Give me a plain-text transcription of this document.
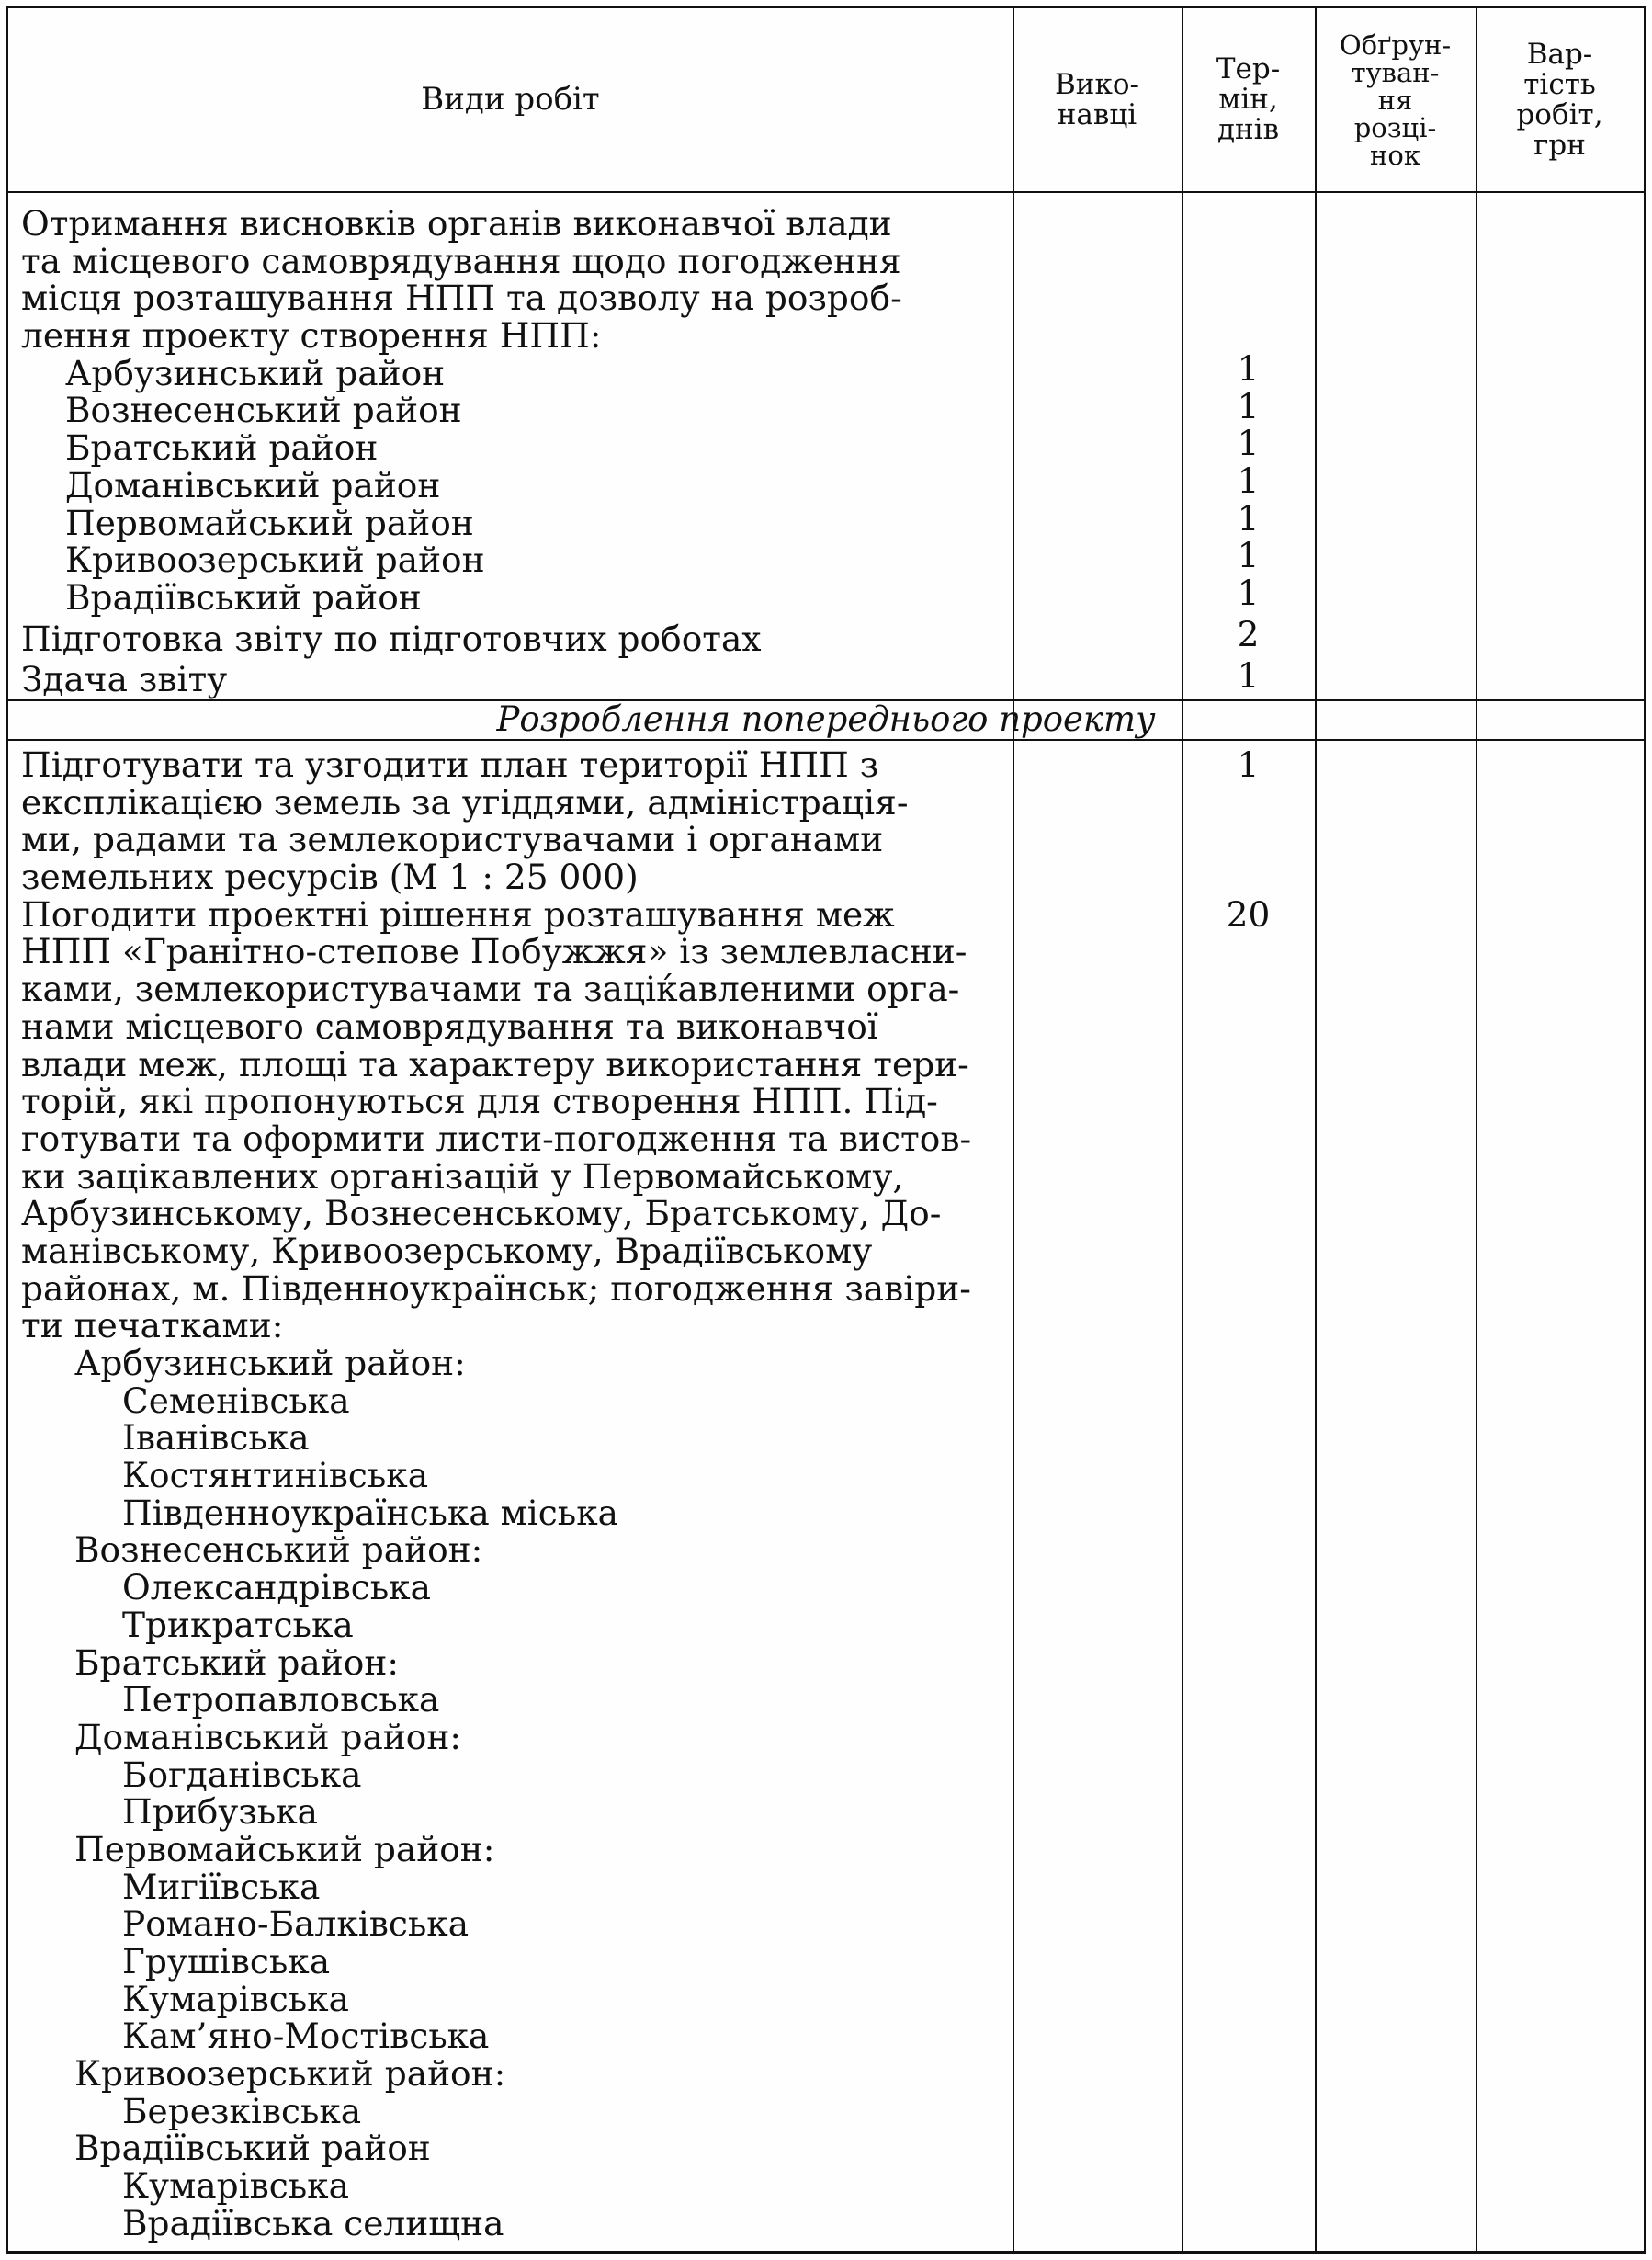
Види робіт	Вико-
навці
Тер-
мін,
днів
Обґрун-
туван-
ня
розці-
нок
Вар-
тість
робіт,
грн
Отримання висновків органів виконавчої влади
та місцевого самоврядування щодо погодження
місця розташування НПП та дозволу на розроб-
лення проекту створення НПП:
Арбузинський район
Вознесенський район
Братський район
Доманівський район
Первомайський район
Кривоозерський район
Врадіївський район
Підготовка звіту по підготовчих роботах
Здача звіту
1
1
1
1
1
1
1
2
1
Розроблення попереднього проекту
Підготувати та узгодити план території НПП з
експлікацією земель за угіддями, адміністрація-
ми, радами та землекористувачами і органами
земельних ресурсів (М 1 : 25 000)
Погодити проектні рішення розташування меж
НПП «Гранітно-степове Побужжя» із землевласни-
ками, землекористувачами та заціќавленими орга-
нами місцевого самоврядування та виконавчої
влади меж, площі та характеру використання тери-
торій, які пропонуються для створення НПП. Під-
готувати та оформити листи-погодження та вистов-
ки зацікавлених організацій у Первомайському,
Арбузинському, Вознесенському, Братському, До-
манівському, Кривоозерському, Врадіївському
районах, м. Південноукраїнськ; погодження завіри-
ти печатками:
Арбузинський район:
Семенівська
Іванівська
Костянтинівська
Південноукраїнська міська
Вознесенський район:
Олександрівська
Трикратська
Братський район:
Петропавловська
Доманівський район:
Богданівська
Прибузька
Первомайський район:
Мигіївська
Романо-Балківська
Грушівська
Кумарівська
Кам’яно-Мостівська
Кривоозерський район:
Березківська
Врадіївський район
Кумарівська
Врадіївська селищна
1
20
